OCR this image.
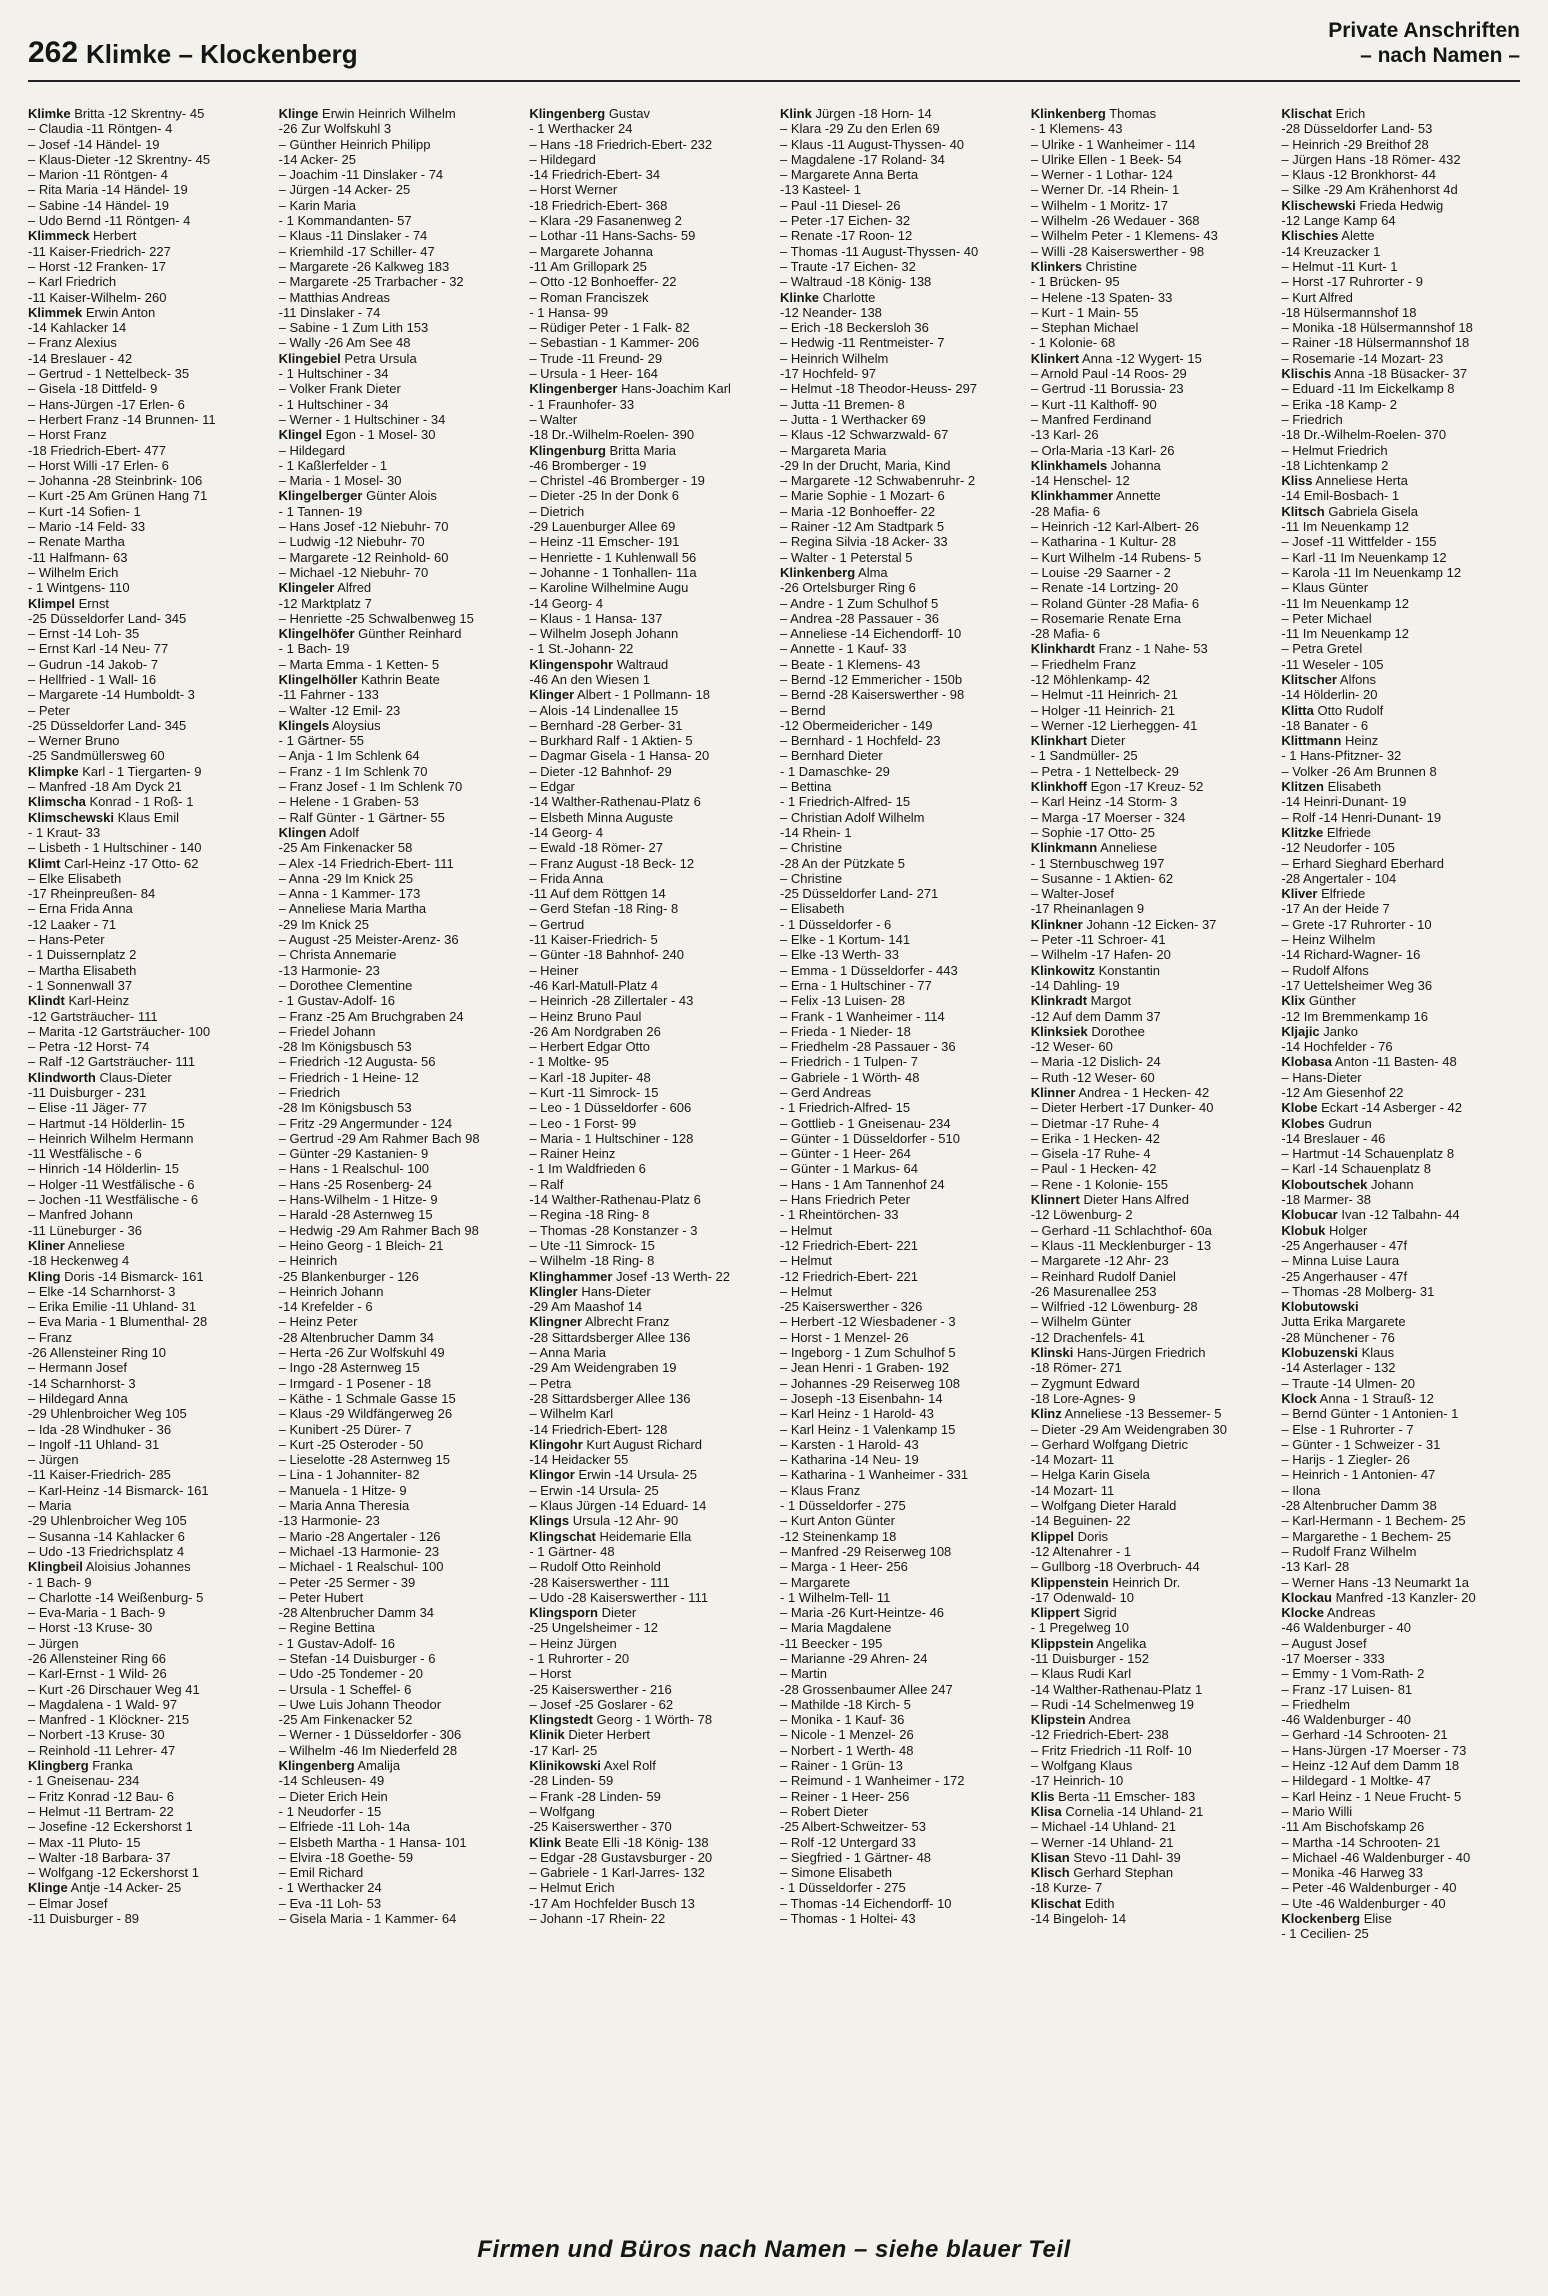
262 Klimke – Klockenberg
Private Anschriften
– nach Namen –
Klimke Britta -12 Skrentny- 45
– Claudia -11 Röntgen- 4
– Josef -14 Händel- 19
– Klaus-Dieter -12 Skrentny- 45
– Marion -11 Röntgen- 4
– Rita Maria -14 Händel- 19
– Sabine -14 Händel- 19
– Udo Bernd -11 Röntgen- 4
Klimmeck Herbert
-11 Kaiser-Friedrich- 227
– Horst -12 Franken- 17
– Karl Friedrich
-11 Kaiser-Wilhelm- 260
Klimmek Erwin Anton
-14 Kahlacker 14
– Franz Alexius
-14 Breslauer - 42
– Gertrud - 1 Nettelbeck- 35
– Gisela -18 Dittfeld- 9
– Hans-Jürgen -17 Erlen- 6
– Herbert Franz -14 Brunnen- 11
– Horst Franz
-18 Friedrich-Ebert- 477
– Horst Willi -17 Erlen- 6
– Johanna -28 Steinbrink- 106
– Kurt -25 Am Grünen Hang 71
– Kurt -14 Sofien- 1
– Mario -14 Feld- 33
– Renate Martha
-11 Halfmann- 63
– Wilhelm Erich
- 1 Wintgens- 110
Klimpel Ernst
-25 Düsseldorfer Land- 345
– Ernst -14 Loh- 35
– Ernst Karl -14 Neu- 77
– Gudrun -14 Jakob- 7
– Hellfried - 1 Wall- 16
– Margarete -14 Humboldt- 3
– Peter
-25 Düsseldorfer Land- 345
– Werner Bruno
-25 Sandmüllersweg 60
Klimpke Karl - 1 Tiergarten- 9
– Manfred -18 Am Dyck 21
Klimscha Konrad - 1 Roß- 1
Klimschewski Klaus Emil
- 1 Kraut- 33
– Lisbeth - 1 Hultschiner - 140
Klimt Carl-Heinz -17 Otto- 62
– Elke Elisabeth
-17 Rheinpreußen- 84
– Erna Frida Anna
-12 Laaker - 71
– Hans-Peter
- 1 Duissernplatz 2
– Martha Elisabeth
- 1 Sonnenwall 37
Klindt Karl-Heinz
-12 Gartsträucher- 111
– Marita -12 Gartsträucher- 100
– Petra -12 Horst- 74
– Ralf -12 Gartsträucher- 111
Klindworth Claus-Dieter
-11 Duisburger - 231
– Elise -11 Jäger- 77
– Hartmut -14 Hölderlin- 15
– Heinrich Wilhelm Hermann
-11 Westfälische - 6
– Hinrich -14 Hölderlin- 15
– Holger -11 Westfälische - 6
– Jochen -11 Westfälische - 6
– Manfred Johann
-11 Lüneburger - 36
Kliner Anneliese
-18 Heckenweg 4
Kling Doris -14 Bismarck- 161
– Elke -14 Scharnhorst- 3
– Erika Emilie -11 Uhland- 31
– Eva Maria - 1 Blumenthal- 28
– Franz
-26 Allensteiner Ring 10
– Hermann Josef
-14 Scharnhorst- 3
– Hildegard Anna
-29 Uhlenbroicher Weg 105
– Ida -28 Windhuker - 36
– Ingolf -11 Uhland- 31
– Jürgen
-11 Kaiser-Friedrich- 285
– Karl-Heinz -14 Bismarck- 161
– Maria
-29 Uhlenbroicher Weg 105
– Susanna -14 Kahlacker 6
– Udo -13 Friedrichsplatz 4
Klingbeil Aloisius Johannes
- 1 Bach- 9
– Charlotte -14 Weißenburg- 5
– Eva-Maria - 1 Bach- 9
– Horst -13 Kruse- 30
– Jürgen
-26 Allensteiner Ring 66
– Karl-Ernst - 1 Wild- 26
– Kurt -26 Dirschauer Weg 41
– Magdalena - 1 Wald- 97
– Manfred - 1 Klöckner- 215
– Norbert -13 Kruse- 30
– Reinhold -11 Lehrer- 47
Klingberg Franka
- 1 Gneisenau- 234
– Fritz Konrad -12 Bau- 6
– Helmut -11 Bertram- 22
– Josefine -12 Eckershorst 1
– Max -11 Pluto- 15
– Walter -18 Barbara- 37
– Wolfgang -12 Eckershorst 1
Klinge Antje -14 Acker- 25
– Elmar Josef
-11 Duisburger - 89
Klinge Erwin Heinrich Wilhelm
-26 Zur Wolfskuhl 3
– Günther Heinrich Philipp
-14 Acker- 25
– Joachim -11 Dinslaker - 74
– Jürgen -14 Acker- 25
– Karin Maria
- 1 Kommandanten- 57
– Klaus -11 Dinslaker - 74
– Kriemhild -17 Schiller- 47
– Margarete -26 Kalkweg 183
– Margarete -25 Trarbacher - 32
– Matthias Andreas
-11 Dinslaker - 74
– Sabine - 1 Zum Lith 153
– Wally -26 Am See 48
Klingebiel Petra Ursula
- 1 Hultschiner - 34
– Volker Frank Dieter
- 1 Hultschiner - 34
– Werner - 1 Hultschiner - 34
Klingel Egon - 1 Mosel- 30
– Hildegard
- 1 Kaßlerfelder - 1
– Maria - 1 Mosel- 30
Klingelberger Günter Alois
- 1 Tannen- 19
– Hans Josef -12 Niebuhr- 70
– Ludwig -12 Niebuhr- 70
– Margarete -12 Reinhold- 60
– Michael -12 Niebuhr- 70
Klingeler Alfred
-12 Marktplatz 7
– Henriette -25 Schwalbenweg 15
Klingelhöfer Günther Reinhard
- 1 Bach- 19
– Marta Emma - 1 Ketten- 5
Klingelhöller Kathrin Beate
-11 Fahrner - 133
– Walter -12 Emil- 23
Klingels Aloysius
- 1 Gärtner- 55
– Anja - 1 Im Schlenk 64
– Franz - 1 Im Schlenk 70
– Franz Josef - 1 Im Schlenk 70
– Helene - 1 Graben- 53
– Ralf Günter - 1 Gärtner- 55
Klingen Adolf
-25 Am Finkenacker 58
– Alex -14 Friedrich-Ebert- 111
– Anna -29 Im Knick 25
– Anna - 1 Kammer- 173
– Anneliese Maria Martha
-29 Im Knick 25
– August -25 Meister-Arenz- 36
– Christa Annemarie
-13 Harmonie- 23
– Dorothee Clementine
- 1 Gustav-Adolf- 16
– Franz -25 Am Bruchgraben 24
– Friedel Johann
-28 Im Königsbusch 53
– Friedrich -12 Augusta- 56
– Friedrich - 1 Heine- 12
– Friedrich
-28 Im Königsbusch 53
– Fritz -29 Angermunder - 124
– Gertrud -29 Am Rahmer Bach 98
– Günter -29 Kastanien- 9
– Hans - 1 Realschul- 100
– Hans -25 Rosenberg- 24
– Hans-Wilhelm - 1 Hitze- 9
– Harald -28 Asternweg 15
– Hedwig -29 Am Rahmer Bach 98
– Heino Georg - 1 Bleich- 21
– Heinrich
-25 Blankenburger - 126
– Heinrich Johann
-14 Krefelder - 6
– Heinz Peter
-28 Altenbrucher Damm 34
– Herta -26 Zur Wolfskuhl 49
– Ingo -28 Asternweg 15
– Irmgard - 1 Posener - 18
– Käthe - 1 Schmale Gasse 15
– Klaus -29 Wildfängerweg 26
– Kunibert -25 Dürer- 7
– Kurt -25 Osteroder - 50
– Lieselotte -28 Asternweg 15
– Lina - 1 Johanniter- 82
– Manuela - 1 Hitze- 9
– Maria Anna Theresia
-13 Harmonie- 23
– Mario -28 Angertaler - 126
– Michael -13 Harmonie- 23
– Michael - 1 Realschul- 100
– Peter -25 Sermer - 39
– Peter Hubert
-28 Altenbrucher Damm 34
– Regine Bettina
- 1 Gustav-Adolf- 16
– Stefan -14 Duisburger - 6
– Udo -25 Tondemer - 20
– Ursula - 1 Scheffel- 6
– Uwe Luis Johann Theodor
-25 Am Finkenacker 52
– Werner - 1 Düsseldorfer - 306
– Wilhelm -46 Im Niederfeld 28
Klingenberg Amalija
-14 Schleusen- 49
– Dieter Erich Hein
- 1 Neudorfer - 15
– Elfriede -11 Loh- 14a
– Elsbeth Martha - 1 Hansa- 101
– Elvira -18 Goethe- 59
– Emil Richard
- 1 Werthacker 24
– Eva -11 Loh- 53
– Gisela Maria - 1 Kammer- 64
Klingenberg Gustav
- 1 Werthacker 24
– Hans -18 Friedrich-Ebert- 232
– Hildegard
-14 Friedrich-Ebert- 34
– Horst Werner
-18 Friedrich-Ebert- 368
– Klara -29 Fasanenweg 2
– Lothar -11 Hans-Sachs- 59
– Margarete Johanna
-11 Am Grillopark 25
– Otto -12 Bonhoeffer- 22
– Roman Franciszek
- 1 Hansa- 99
– Rüdiger Peter - 1 Falk- 82
– Sebastian - 1 Kammer- 206
– Trude -11 Freund- 29
– Ursula - 1 Heer- 164
Klingenberger Hans-Joachim Karl
- 1 Fraunhofer- 33
– Walter
-18 Dr.-Wilhelm-Roelen- 390
Klingenburg Britta Maria
-46 Bromberger - 19
– Christel -46 Bromberger - 19
– Dieter -25 In der Donk 6
– Dietrich
-29 Lauenburger Allee 69
– Heinz -11 Emscher- 191
– Henriette - 1 Kuhlenwall 56
– Johanne - 1 Tonhallen- 11a
– Karoline Wilhelmine Augu
-14 Georg- 4
– Klaus - 1 Hansa- 137
– Wilhelm Joseph Johann
- 1 St.-Johann- 22
Klingenspohr Waltraud
-46 An den Wiesen 1
Klinger Albert - 1 Pollmann- 18
– Alois -14 Lindenallee 15
– Bernhard -28 Gerber- 31
– Burkhard Ralf - 1 Aktien- 5
– Dagmar Gisela - 1 Hansa- 20
– Dieter -12 Bahnhof- 29
– Edgar
-14 Walther-Rathenau-Platz 6
– Elsbeth Minna Auguste
-14 Georg- 4
– Ewald -18 Römer- 27
– Franz August -18 Beck- 12
– Frida Anna
-11 Auf dem Röttgen 14
– Gerd Stefan -18 Ring- 8
– Gertrud
-11 Kaiser-Friedrich- 5
– Günter -18 Bahnhof- 240
– Heiner
-46 Karl-Matull-Platz 4
– Heinrich -28 Zillertaler - 43
– Heinz Bruno Paul
-26 Am Nordgraben 26
– Herbert Edgar Otto
- 1 Moltke- 95
– Karl -18 Jupiter- 48
– Kurt -11 Simrock- 15
– Leo - 1 Düsseldorfer - 606
– Leo - 1 Forst- 99
– Maria - 1 Hultschiner - 128
– Rainer Heinz
- 1 Im Waldfrieden 6
– Ralf
-14 Walther-Rathenau-Platz 6
– Regina -18 Ring- 8
– Thomas -28 Konstanzer - 3
– Ute -11 Simrock- 15
– Wilhelm -18 Ring- 8
Klinghammer Josef -13 Werth- 22
Klingler Hans-Dieter
-29 Am Maashof 14
Klingner Albrecht Franz
-28 Sittardsberger Allee 136
– Anna Maria
-29 Am Weidengraben 19
– Petra
-28 Sittardsberger Allee 136
– Wilhelm Karl
-14 Friedrich-Ebert- 128
Klingohr Kurt August Richard
-14 Heidacker 55
Klingor Erwin -14 Ursula- 25
– Erwin -14 Ursula- 25
– Klaus Jürgen -14 Eduard- 14
Klings Ursula -12 Ahr- 90
Klingschat Heidemarie Ella
- 1 Gärtner- 48
– Rudolf Otto Reinhold
-28 Kaiserswerther - 111
– Udo -28 Kaiserswerther - 111
Klingsporn Dieter
-25 Ungelsheimer - 12
– Heinz Jürgen
- 1 Ruhrorter - 20
– Horst
-25 Kaiserswerther - 216
– Josef -25 Goslarer - 62
Klingstedt Georg - 1 Wörth- 78
Klinik Dieter Herbert
-17 Karl- 25
Klinikowski Axel Rolf
-28 Linden- 59
– Frank -28 Linden- 59
– Wolfgang
-25 Kaiserswerther - 370
Klink Beate Elli -18 König- 138
– Edgar -28 Gustavsburger - 20
– Gabriele - 1 Karl-Jarres- 132
– Helmut Erich
-17 Am Hochfelder Busch 13
– Johann -17 Rhein- 22
Klink Jürgen -18 Horn- 14
– Klara -29 Zu den Erlen 69
– Klaus -11 August-Thyssen- 40
– Magdalene -17 Roland- 34
– Margarete Anna Berta
-13 Kasteel- 1
– Paul -11 Diesel- 26
– Peter -17 Eichen- 32
– Renate -17 Roon- 12
– Thomas -11 August-Thyssen- 40
– Traute -17 Eichen- 32
– Waltraud -18 König- 138
Klinke Charlotte
-12 Neander- 138
– Erich -18 Beckersloh 36
– Hedwig -11 Rentmeister- 7
– Heinrich Wilhelm
-17 Hochfeld- 97
– Helmut -18 Theodor-Heuss- 297
– Jutta -11 Bremen- 8
– Jutta - 1 Werthacker 69
– Klaus -12 Schwarzwald- 67
– Margareta Maria
-29 In der Drucht, Maria, Kind
– Margarete -12 Schwabenruhr- 2
– Marie Sophie - 1 Mozart- 6
– Maria -12 Bonhoeffer- 22
– Rainer -12 Am Stadtpark 5
– Regina Silvia -18 Acker- 33
– Walter - 1 Peterstal 5
Klinkenberg Alma
-26 Ortelsburger Ring 6
– Andre - 1 Zum Schulhof 5
– Andrea -28 Passauer - 36
– Anneliese -14 Eichendorff- 10
– Annette - 1 Kauf- 33
– Beate - 1 Klemens- 43
– Bernd -12 Emmericher - 150b
– Bernd -28 Kaiserswerther - 98
– Bernd
-12 Obermeidericher - 149
– Bernhard - 1 Hochfeld- 23
– Bernhard Dieter
- 1 Damaschke- 29
– Bettina
- 1 Friedrich-Alfred- 15
– Christian Adolf Wilhelm
-14 Rhein- 1
– Christine
-28 An der Pützkate 5
– Christine
-25 Düsseldorfer Land- 271
– Elisabeth
- 1 Düsseldorfer - 6
– Elke - 1 Kortum- 141
– Elke -13 Werth- 33
– Emma - 1 Düsseldorfer - 443
– Erna - 1 Hultschiner - 77
– Felix -13 Luisen- 28
– Frank - 1 Wanheimer - 114
– Frieda - 1 Nieder- 18
– Friedhelm -28 Passauer - 36
– Friedrich - 1 Tulpen- 7
– Gabriele - 1 Wörth- 48
– Gerd Andreas
- 1 Friedrich-Alfred- 15
– Gottlieb - 1 Gneisenau- 234
– Günter - 1 Düsseldorfer - 510
– Günter - 1 Heer- 264
– Günter - 1 Markus- 64
– Hans - 1 Am Tannenhof 24
– Hans Friedrich Peter
- 1 Rheintörchen- 33
– Helmut
-12 Friedrich-Ebert- 221
– Helmut
-12 Friedrich-Ebert- 221
– Helmut
-25 Kaiserswerther - 326
– Herbert -12 Wiesbadener - 3
– Horst - 1 Menzel- 26
– Ingeborg - 1 Zum Schulhof 5
– Jean Henri - 1 Graben- 192
– Johannes -29 Reiserweg 108
– Joseph -13 Eisenbahn- 14
– Karl Heinz - 1 Harold- 43
– Karl Heinz - 1 Valenkamp 15
– Karsten - 1 Harold- 43
– Katharina -14 Neu- 19
– Katharina - 1 Wanheimer - 331
– Klaus Franz
- 1 Düsseldorfer - 275
– Kurt Anton Günter
-12 Steinenkamp 18
– Manfred -29 Reiserweg 108
– Marga - 1 Heer- 256
– Margarete
- 1 Wilhelm-Tell- 11
– Maria -26 Kurt-Heintze- 46
– Maria Magdalene
-11 Beecker - 195
– Marianne -29 Ahren- 24
– Martin
-28 Grossenbaumer Allee 247
– Mathilde -18 Kirch- 5
– Monika - 1 Kauf- 36
– Nicole - 1 Menzel- 26
– Norbert - 1 Werth- 48
– Rainer - 1 Grün- 13
– Reimund - 1 Wanheimer - 172
– Reiner - 1 Heer- 256
– Robert Dieter
-25 Albert-Schweitzer- 53
– Rolf -12 Untergard 33
– Siegfried - 1 Gärtner- 48
– Simone Elisabeth
- 1 Düsseldorfer - 275
– Thomas -14 Eichendorff- 10
– Thomas - 1 Holtei- 43
Klinkenberg Thomas
- 1 Klemens- 43
– Ulrike - 1 Wanheimer - 114
– Ulrike Ellen - 1 Beek- 54
– Werner - 1 Lothar- 124
– Werner Dr. -14 Rhein- 1
– Wilhelm - 1 Moritz- 17
– Wilhelm -26 Wedauer - 368
– Wilhelm Peter - 1 Klemens- 43
– Willi -28 Kaiserswerther - 98
Klinkers Christine
- 1 Brücken- 95
– Helene -13 Spaten- 33
– Kurt - 1 Main- 55
– Stephan Michael
- 1 Kolonie- 68
Klinkert Anna -12 Wygert- 15
– Arnold Paul -14 Roos- 29
– Gertrud -11 Borussia- 23
– Kurt -11 Kalthoff- 90
– Manfred Ferdinand
-13 Karl- 26
– Orla-Maria -13 Karl- 26
Klinkhamels Johanna
-14 Henschel- 12
Klinkhammer Annette
-28 Mafia- 6
– Heinrich -12 Karl-Albert- 26
– Katharina - 1 Kultur- 28
– Kurt Wilhelm -14 Rubens- 5
– Louise -29 Saarner - 2
– Renate -14 Lortzing- 20
– Roland Günter -28 Mafia- 6
– Rosemarie Renate Erna
-28 Mafia- 6
Klinkhardt Franz - 1 Nahe- 53
– Friedhelm Franz
-12 Möhlenkamp- 42
– Helmut -11 Heinrich- 21
– Holger -11 Heinrich- 21
– Werner -12 Lierheggen- 41
Klinkhart Dieter
- 1 Sandmüller- 25
– Petra - 1 Nettelbeck- 29
Klinkhoff Egon -17 Kreuz- 52
– Karl Heinz -14 Storm- 3
– Marga -17 Moerser - 324
– Sophie -17 Otto- 25
Klinkmann Anneliese
- 1 Sternbuschweg 197
– Susanne - 1 Aktien- 62
– Walter-Josef
-17 Rheinanlagen 9
Klinkner Johann -12 Eicken- 37
– Peter -11 Schroer- 41
– Wilhelm -17 Hafen- 20
Klinkowitz Konstantin
-14 Dahling- 19
Klinkradt Margot
-12 Auf dem Damm 37
Klinksiek Dorothee
-12 Weser- 60
– Maria -12 Dislich- 24
– Ruth -12 Weser- 60
Klinner Andrea - 1 Hecken- 42
– Dieter Herbert -17 Dunker- 40
– Dietmar -17 Ruhe- 4
– Erika - 1 Hecken- 42
– Gisela -17 Ruhe- 4
– Paul - 1 Hecken- 42
– Rene - 1 Kolonie- 155
Klinnert Dieter Hans Alfred
-12 Löwenburg- 2
– Gerhard -11 Schlachthof- 60a
– Klaus -11 Mecklenburger - 13
– Margarete -12 Ahr- 23
– Reinhard Rudolf Daniel
-26 Masurenallee 253
– Wilfried -12 Löwenburg- 28
– Wilhelm Günter
-12 Drachenfels- 41
Klinski Hans-Jürgen Friedrich
-18 Römer- 271
– Zygmunt Edward
-18 Lore-Agnes- 9
Klinz Anneliese -13 Bessemer- 5
– Dieter -29 Am Weidengraben 30
– Gerhard Wolfgang Dietric
-14 Mozart- 11
– Helga Karin Gisela
-14 Mozart- 11
– Wolfgang Dieter Harald
-14 Beguinen- 22
Klippel Doris
-12 Altenahrer - 1
– Gullborg -18 Overbruch- 44
Klippenstein Heinrich Dr.
-17 Odenwald- 10
Klippert Sigrid
- 1 Pregelweg 10
Klippstein Angelika
-11 Duisburger - 152
– Klaus Rudi Karl
-14 Walther-Rathenau-Platz 1
– Rudi -14 Schelmenweg 19
Klipstein Andrea
-12 Friedrich-Ebert- 238
– Fritz Friedrich -11 Rolf- 10
– Wolfgang Klaus
-17 Heinrich- 10
Klis Berta -11 Emscher- 183
Klisa Cornelia -14 Uhland- 21
– Michael -14 Uhland- 21
– Werner -14 Uhland- 21
Klisan Stevo -11 Dahl- 39
Klisch Gerhard Stephan
-18 Kurze- 7
Klischat Edith
-14 Bingeloh- 14
Klischat Erich
-28 Düsseldorfer Land- 53
– Heinrich -29 Breithof 28
– Jürgen Hans -18 Römer- 432
– Klaus -12 Bronkhorst- 44
– Silke -29 Am Krähenhorst 4d
Klischewski Frieda Hedwig
-12 Lange Kamp 64
Klischies Alette
-14 Kreuzacker 1
– Helmut -11 Kurt- 1
– Horst -17 Ruhrorter - 9
– Kurt Alfred
-18 Hülsermannshof 18
– Monika -18 Hülsermannshof 18
– Rainer -18 Hülsermannshof 18
– Rosemarie -14 Mozart- 23
Klischis Anna -18 Büsacker- 37
– Eduard -11 Im Eickelkamp 8
– Erika -18 Kamp- 2
– Friedrich
-18 Dr.-Wilhelm-Roelen- 370
– Helmut Friedrich
-18 Lichtenkamp 2
Kliss Anneliese Herta
-14 Emil-Bosbach- 1
Klitsch Gabriela Gisela
-11 Im Neuenkamp 12
– Josef -11 Wittfelder - 155
– Karl -11 Im Neuenkamp 12
– Karola -11 Im Neuenkamp 12
– Klaus Günter
-11 Im Neuenkamp 12
– Peter Michael
-11 Im Neuenkamp 12
– Petra Gretel
-11 Weseler - 105
Klitscher Alfons
-14 Hölderlin- 20
Klitta Otto Rudolf
-18 Banater - 6
Klittmann Heinz
- 1 Hans-Pfitzner- 32
– Volker -26 Am Brunnen 8
Klitzen Elisabeth
-14 Heinri-Dunant- 19
– Rolf -14 Henri-Dunant- 19
Klitzke Elfriede
-12 Neudorfer - 105
– Erhard Sieghard Eberhard
-28 Angertaler - 104
Kliver Elfriede
-17 An der Heide 7
– Grete -17 Ruhrorter - 10
– Heinz Wilhelm
-14 Richard-Wagner- 16
– Rudolf Alfons
-17 Uettelsheimer Weg 36
Klix Günther
-12 Im Bremmenkamp 16
Kljajic Janko
-14 Hochfelder - 76
Klobasa Anton -11 Basten- 48
– Hans-Dieter
-12 Am Giesenhof 22
Klobe Eckart -14 Asberger - 42
Klobes Gudrun
-14 Breslauer - 46
– Hartmut -14 Schauenplatz 8
– Karl -14 Schauenplatz 8
Kloboutschek Johann
-18 Marmer- 38
Klobucar Ivan -12 Talbahn- 44
Klobuk Holger
-25 Angerhauser - 47f
– Minna Luise Laura
-25 Angerhauser - 47f
– Thomas -28 Molberg- 31
Klobutowski
Jutta Erika Margarete
-28 Münchener - 76
Klobuzenski Klaus
-14 Asterlager - 132
– Traute -14 Ulmen- 20
Klock Anna - 1 Strauß- 12
– Bernd Günter - 1 Antonien- 1
– Else - 1 Ruhrorter - 7
– Günter - 1 Schweizer - 31
– Harijs - 1 Ziegler- 26
– Heinrich - 1 Antonien- 47
– Ilona
-28 Altenbrucher Damm 38
– Karl-Hermann - 1 Bechem- 25
– Margarethe - 1 Bechem- 25
– Rudolf Franz Wilhelm
-13 Karl- 28
– Werner Hans -13 Neumarkt 1a
Klockau Manfred -13 Kanzler- 20
Klocke Andreas
-46 Waldenburger - 40
– August Josef
-17 Moerser - 333
– Emmy - 1 Vom-Rath- 2
– Franz -17 Luisen- 81
– Friedhelm
-46 Waldenburger - 40
– Gerhard -14 Schrooten- 21
– Hans-Jürgen -17 Moerser - 73
– Heinz -12 Auf dem Damm 18
– Hildegard - 1 Moltke- 47
– Karl Heinz - 1 Neue Frucht- 5
– Mario Willi
-11 Am Bischofskamp 26
– Martha -14 Schrooten- 21
– Michael -46 Waldenburger - 40
– Monika -46 Harweg 33
– Peter -46 Waldenburger - 40
– Ute -46 Waldenburger - 40
Klockenberg Elise
- 1 Cecilien- 25
Firmen und Büros nach Namen – siehe blauer Teil
